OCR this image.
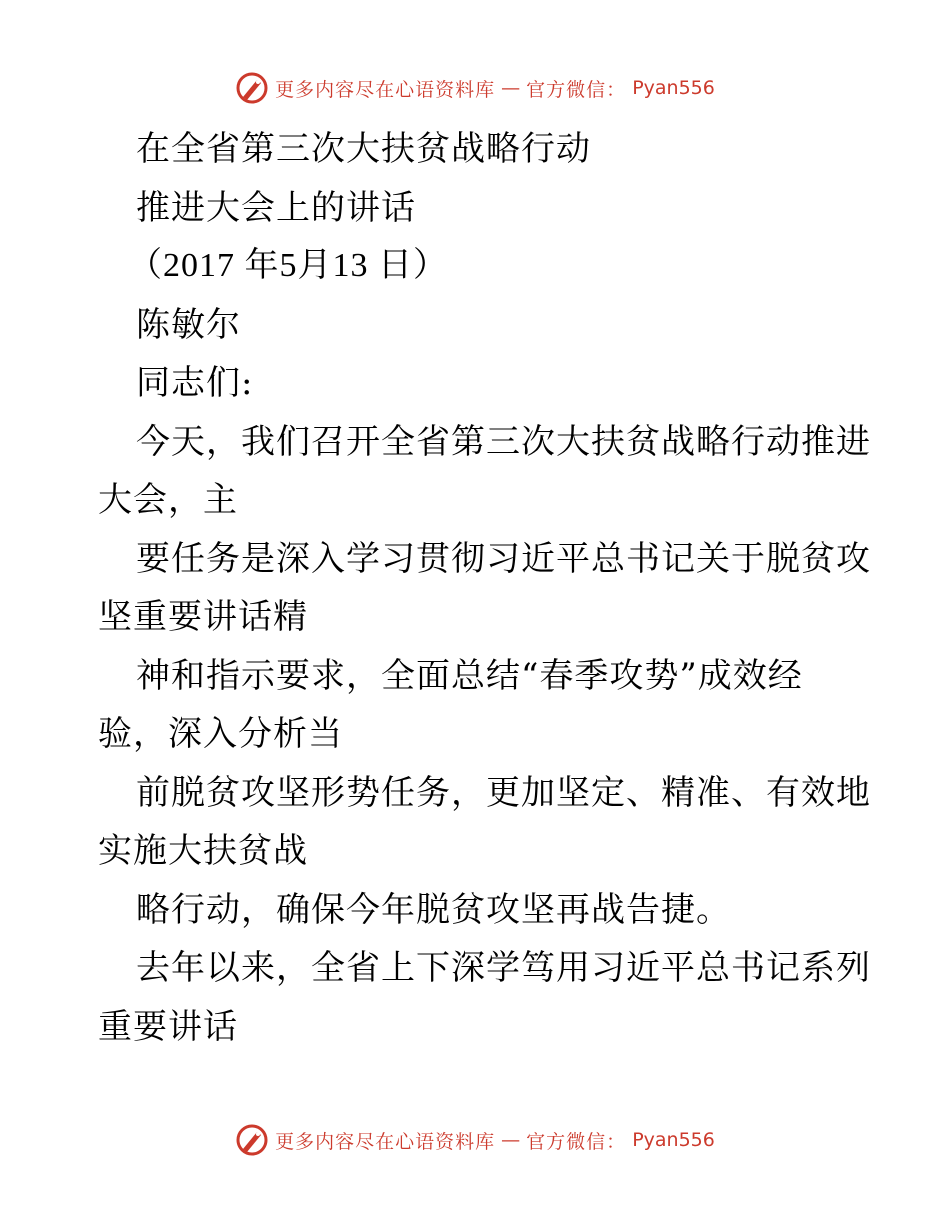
更多内容尽在心语资料库 — 官方微信： Pyan556
在全省第三次大扶贫战略行动
推进大会上的讲话
（2017 年5月13 日）
陈敏尔
同志们:
今天，我们召开全省第三次大扶贫战略行动推进
大会，主
要任务是深入学习贯彻习近平总书记关于脱贫攻
坚重要讲话精
神和指示要求，全面总结“春季攻势”成效经
验，深入分析当
前脱贫攻坚形势任务，更加坚定、精准、有效地
实施大扶贫战
略行动，确保今年脱贫攻坚再战告捷。
去年以来，全省上下深学笃用习近平总书记系列
重要讲话
更多内容尽在心语资料库 — 官方微信： Pyan556
